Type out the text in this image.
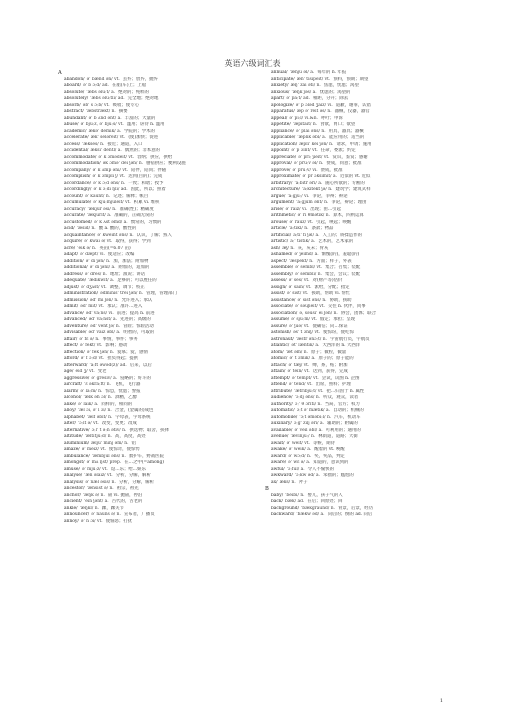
英语六级词汇表
A
abandon/ ə' bænd ən/ vt. 丢弃；放弃，抛弃
aboard/ ə' b ɔːd/ ad. 在船(车)上；上船
absolute/ 'æbs əluːt/ a. 绝对的；纯粹的
absolutely/ 'æbs əluːtli/ ad. 完全地；绝对地
absorb/ əb' s ɔːb/ vt. 吸收；使专心
abstract/ 'æbstrækt/ n. 摘要
abundant/ ə' b ʌnd ənt/ a. 丰富的；大量的
abuse/ ə' bjuːz, ə' bjuːs/ vt. 滥用；虐待 n. 滥用
academic/ ækə' demik/ a. 学院的；学术的
accelerate/ æk' seləreit/ vt. (使)加快；促进
access/ 'ækses/ n. 接近；通道，入口
accidental/ æksi' dentl/ a. 偶然的；非本意的
accommodate/ ə' k ɔmədeit/ vt. 容纳；供应，供给
accommodation/ ək ɔmə' dei ʃən/ n. 膳宿供应；便利设施
accompany/ ə' k ʌmp əni/ vt. 陪伴，陪同；伴随
accomplish/ ə' k ɔmpli ʃ/ vt. 达到(目的)；完成
accordance/ ə' k ɔːd əns/ n. 一致；和谐；授予
accordingly/ ə' k ɔːdi ŋli/ ad. 因此，所以；照着
account/ ə' kaunt/ n. 记述；解释；帐目
accumulate/ ə' kjuːmjuleit/ vt. 积累 vi. 堆积
accuracy/ 'ækjur əsi/ n. 准确(性)；精确度
accurate/ 'ækjurit/ a. 准确的，正确无误的
accustomed/ ə' k ʌst əmd/ a. 惯常的，习惯的
acid/ 'æsid/ n. 酸 a. 酸的，酸性的
acquaintance/ ə' kweint əns/ n. 认识，了解；熟人
acquire/ ə' kwai ə/ vt. 取得，获得；学到
acre/ 'eik ə/ n. 英亩(=6.07 亩)
adapt/ ə' dæpt/ vi. 使适应；改编
addition/ ə' di ʃən/ n. 加，加法；附加物
additional/ ə' di ʃənl/ a. 附加的，追加的
address/ ə' dres/ n. 地址；演说；讲话
adequate/ 'ædikwit/ a. 足够的；可以胜任的
adjust/ ə' dʒʌst/ vt. 调整，调节；校正
administration/ ədminis' trei ʃən/ n. 管理，管理部门
admission/ əd' mi ʃən/ n. 允许进入；承认
admit/ əd' mit/ vt. 承认；准许…进入
advance/ əd' vaːns/ vi. 前进；提高 n. 前进
advanced/ əd' vaːnst/ a. 先进的；高级的
adventure/ əd' vent ʃə/ n. 冒险；惊险活动
advisable/ əd' vaiz əbl/ a. 明智的，可取的
affair/ ə' fε ə/ n. 事情，事件；事务
affect/ ə' fekt/ vt. 影响；感动
affection/ ə' fek ʃən/ n. 爱慕；爱，感情
afford/ ə' f ɔːd/ vt. 担负得起；提供
afterward/ 'aːft əwəd(z)/ ad. 后来，以后
age/ eid ʒ/ vt. 变老
aggressive/ ə' gresiv/ a. 侵略的；好斗的
aircraft/ 'ε əkraːft/ n. 飞机，飞行器
alarm/ ə' laːm/ n. 惊恐，忧虑；警报
alcohol/ 'ælk əh ɔl/ n. 酒精，乙醇
alike/ ə' laik/ a. 同样的，相同的
alloy/ 'æl ɔi, ə' l ɔi/ n. 合金，(金属的)成色
alphabet/ 'ælf əbit/ n. 字母表，字母系统
alter/ 'ɔːlt ə/ vt. 改变，变更；改成
alternative/ ɔːl' t əːn ətiv/ n. 供选物；取舍，抉择
altitude/ 'æltitjuːd/ n. 高，高度，高处
aluminium/ ælju' minj əm/ n. 铝
amaze/ ə' meiz/ vt. 使惊奇，使惊愕
ambulance/ 'æmbjul əns/ n. 救护车，野战医院
amongst/ ə' mʌ ŋst/ prep. 在…之中(=among)
amuse/ ə' mjuːz/ vt. 逗…乐；给…娱乐
analyse/ 'æn əlaiz/ vt. 分析，分解，解析
analysis/ ə' næl əsis/ n. 分析，分解，解析
ancestor/ 'ænsist ə/ n. 祖宗，祖先
anchor/ 'æŋk ə/ n. 锚 vi. 抛锚，停泊
ancient/ 'ein ʃənt/ a. 古代的，古老的
ankle/ 'æŋkl/ n. 踝，踝关节
announcer/ ə' nauns ə/ n. 宣布者，广播员
annoy/ ə' n ɔi/ vt. 使恼怒；打扰
annual/ 'ænju əl/ a. 每年的 n. 年报
anticipate/ æn' tisipeit/ vt. 预料，预期；期望
anxiety/ æŋ' zai əti/ n. 焦虑，忧虑；渴望
anxious/ 'æŋk ʃəs/ a. 忧虑的；渴望的
apart/ ə' paːt/ ad. 相距，分开；除去
apologize/ ə' p ɔləd ʒaiz/ vi. 道歉，谢罪，认错
apparatus/ æp ə' reit əs/ n. 器械，仪器，器官
appeal/ ə' piːl/ vi.&n. 呼吁；申诉
appetite/ 'æpitait/ n. 食欲，胃口；欲望
appliance/ ə' plai əns/ n. 用具，器具；器械
applicable/ 'æplik əbl/ a. 能应用的；适当的
application/ æpli' kei ʃən/ n. 请求，申请；施用
appoint/ ə' p ɔint/ vt. 任命，委派；约定
appreciate/ ə' priː ʃieit/ vt. 赏识，鉴赏；感谢
approval/ ə' pruːv əl/ n. 赞成，同意；批准
approve/ ə' pruːv/ vi. 赞成，批准
approximate/ ə' pr ɔksimit/ a. 近似的 vt. 近似
arbitrary/ 'aːbitr əri/ a. 随心所欲的；专断的
architecture/ 'aːkitekt ʃə/ n. 建筑学；建筑式样
argue/ 'aːgjuː/ vi. 争论，争辩；辩论
argument/ 'aːgjum ənt/ n. 争论，辩论；理由
arise/ ə' raiz/ vi. 出现；由…引起
arithmetic/ ə' ri θmətik/ n. 算术，四则运算
arouse/ ə' rauz/ vt. 引起，唤起；唤醒
article/ 'aːtikl/ n. 条款；物品
artificial/ aːti' fi ʃəl/ a. 人工的；矫揉造作的
artistic/ aː' tistik/ a. 艺术的，艺术家的
ash/ æʃ/ n. 灰，灰末；骨灰
ashamed/ ə' ʃeimd/ a. 惭愧(的)，羞耻(的)
aspect/ 'æspekt/ n. 方面；样子，外表
assemble/ ə' sembl/ vt. 集合；召集；装配
assembly/ ə' sembli/ n. 集会，会议；装配
assess/ ə' ses/ vt. 对(财产等)估价
assign/ ə' sain/ vt. 派给，分配；指定
assist/ ə' sist/ vt. 援助，帮助 vi. 帮忙
assistance/ ə' sist əns/ n. 协助，援助
associate/ ə' səuʃieit/ vt. 交往 n. 伙伴，同事
association/ ə, səusi' ei ʃən/ n. 协会，团体；联合
assume/ ə' sjuːm/ vt. 假定；承担；呈现
assure/ ə' ʃuə/ vt. 使确信；向…保证
astonish/ əs' t ɔniʃ/ vt. 使惊讶，使吃惊
astronaut/ 'æstr ənɔːt/ n. 宇宙航行员，宇航员
atlantic/ ət' læntik/ a. 大西洋的 n. 大西洋
atom/ 'æt əm/ n. 原子；微粒，微量
atomic/ ə' t ɔmik/ a. 原子的；原子能的
attach/ ə' tæʃ/ vt. 缚，系，贴；附加
attain/ ə' tein/ vt. 达到，获得，完成
attempt/ ə' tempt/ vt. 尝试，试图 n. 企图
attend/ ə' tend/ vt. 出席，照料；护理
attribute/ 'ætribjuːt/ vt. 把…归因于 n. 属性
audience/ 'ɔːdj əns/ n. 听众，观众，读者
authority/ ɔː' θ ɔriti/ n. 当局，官方；权力
automatic/ ɔːt ə' mætik/ a. 自动的；机械的
automobile/ 'ɔːt əməbiːl/ n. 汽车，机动车
auxiliary/ ɔːg' zilj əri/ a. 辅助的；附属的
available/ ə' veil əbl/ a. 可利用的；通用的
avenue/ 'ævinjuː/ n. 林荫道，道路；大街
await/ ə' weit/ vt. 等候，期待
awake/ ə' weik/ a. 醒着的 vt. 唤醒
award/ ə' wɔːd/ n. 奖，奖品，判定
aware/ ə' wε ə/ a. 知道的，意识到的
awful/ 'ɔːful/ a. 令人不愉快的
awkward/ 'ɔːkw əd/ a. 笨拙的；尴尬的
ax/ æks/ n. 斧子
B
baby/ 'beibi/ n. 婴儿，孩子气的人
back/ bæk/ ad. 在后；回原处；回
background/ 'bækgraund/ n. 背景，后景，经历
backward/ 'bækw əd/ a. 向后的；倒的 ad. 向后
1
